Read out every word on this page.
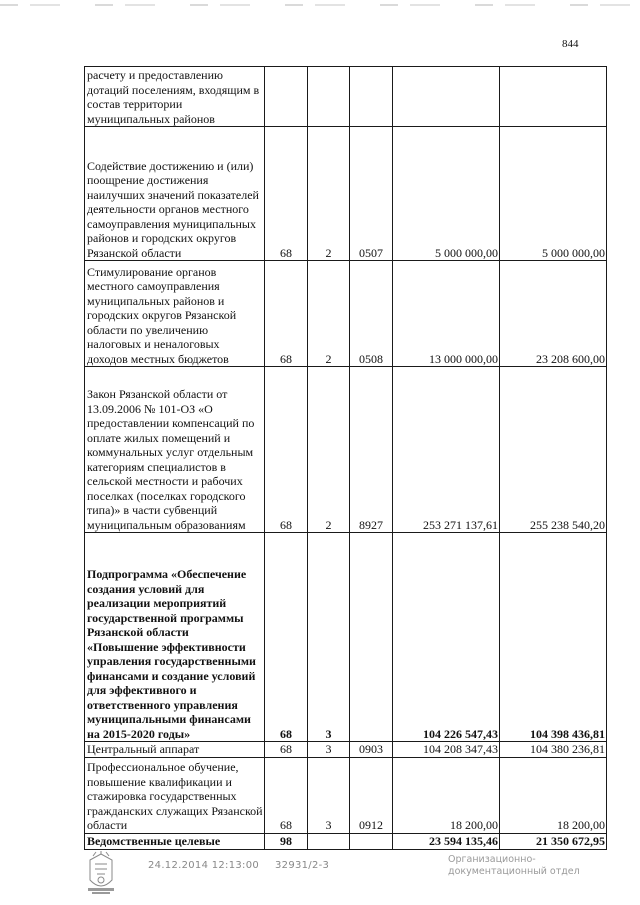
844
расчету и предоставлению дотаций поселениям, входящим в состав территории муниципальных районов					
Содействие достижению и (или) поощрение достижения наилучших значений показателей деятельности органов местного самоуправления муниципальных районов и городских округов Рязанской области	68	2	0507	5 000 000,00	5 000 000,00
Стимулирование органов местного самоуправления муниципальных районов и городских округов Рязанской области по увеличению налоговых и неналоговых доходов местных бюджетов	68	2	0508	13 000 000,00	23 208 600,00
Закон Рязанской области от 13.09.2006 № 101-ОЗ «О предоставлении компенсаций по оплате жилых помещений и коммунальных услуг отдельным категориям специалистов в сельской местности и рабочих поселках (поселках городского типа)» в части субвенций муниципальным образованиям	68	2	8927	253 271 137,61	255 238 540,20
Подпрограмма «Обеспечение создания условий для реализации мероприятий государственной программы Рязанской области «Повышение эффективности управления государственными финансами и создание условий для эффективного и ответственного управления муниципальными финансами на 2015-2020 годы»	68	3		104 226 547,43	104 398 436,81
Центральный аппарат	68	3	0903	104 208 347,43	104 380 236,81
Профессиональное обучение, повышение квалификации и стажировка государственных гражданских служащих Рязанской области	68	3	0912	18 200,00	18 200,00
Ведомственные целевые	98			23 594 135,46	21 350 672,95
24.12.2014 12:13:00 32931/2-3
Организационно-
документационный отдел
